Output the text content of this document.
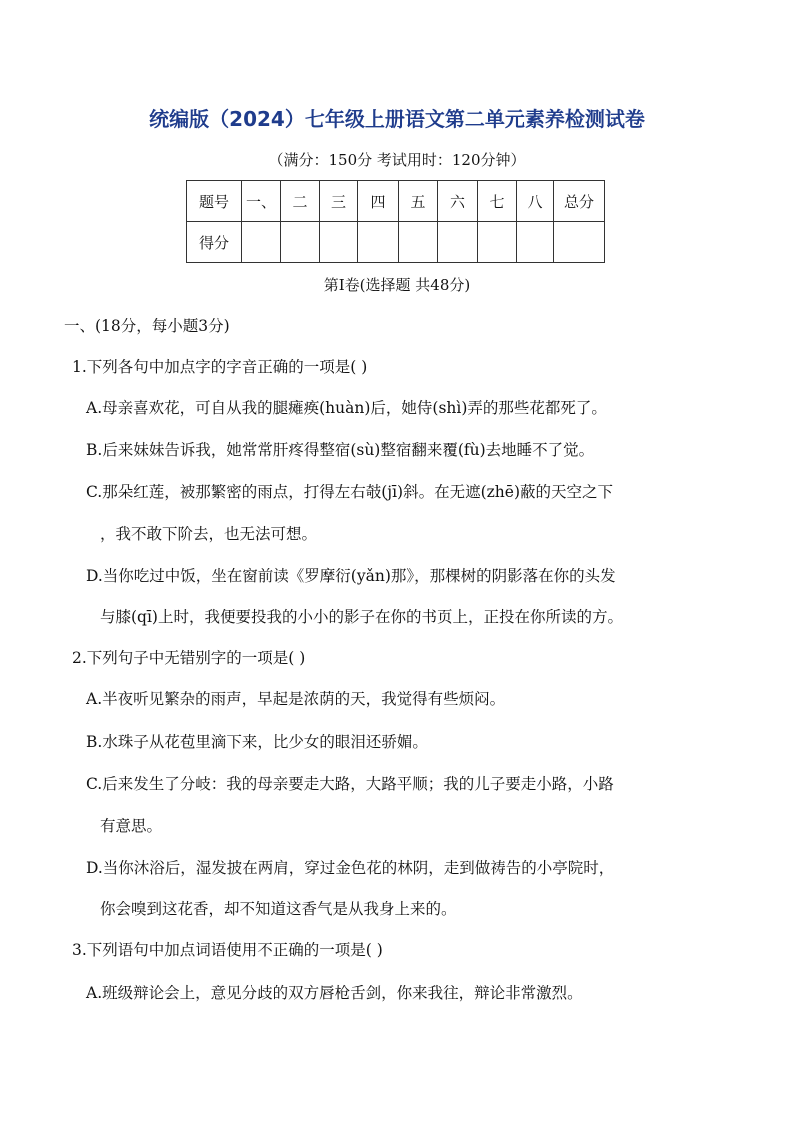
统编版（2024）七年级上册语文第二单元素养检测试卷
（满分：150分 考试用时：120分钟）
题号	一、	二	三	四	五	六	七	八	总分
得分									
第Ⅰ卷(选择题 共48分)
一、(18分，每小题3分)
1.下列各句中加点字的字音正确的一项是( )
A.母亲喜欢花，可自从我的腿瘫痪(huàn)后，她侍(shì)弄的那些花都死了。
B.后来妹妹告诉我，她常常肝疼得整宿(sù)整宿翻来覆(fù)去地睡不了觉。
C.那朵红莲，被那繁密的雨点，打得左右攲(jī)斜。在无遮(zhē)蔽的天空之下
，我不敢下阶去，也无法可想。
D.当你吃过中饭，坐在窗前读《罗摩衍(yǎn)那》，那棵树的阴影落在你的头发
与膝(qī)上时，我便要投我的小小的影子在你的书页上，正投在你所读的方。
2.下列句子中无错别字的一项是( )
A.半夜听见繁杂的雨声，早起是浓荫的天，我觉得有些烦闷。
B.水珠子从花苞里滴下来，比少女的眼泪还骄媚。
C.后来发生了分岐：我的母亲要走大路，大路平顺；我的儿子要走小路，小路
有意思。
D.当你沐浴后，湿发披在两肩，穿过金色花的林阴，走到做祷告的小亭院时，
你会嗅到这花香，却不知道这香气是从我身上来的。
3.下列语句中加点词语使用不正确的一项是( )
A.班级辩论会上，意见分歧的双方唇枪舌剑，你来我往，辩论非常激烈。
